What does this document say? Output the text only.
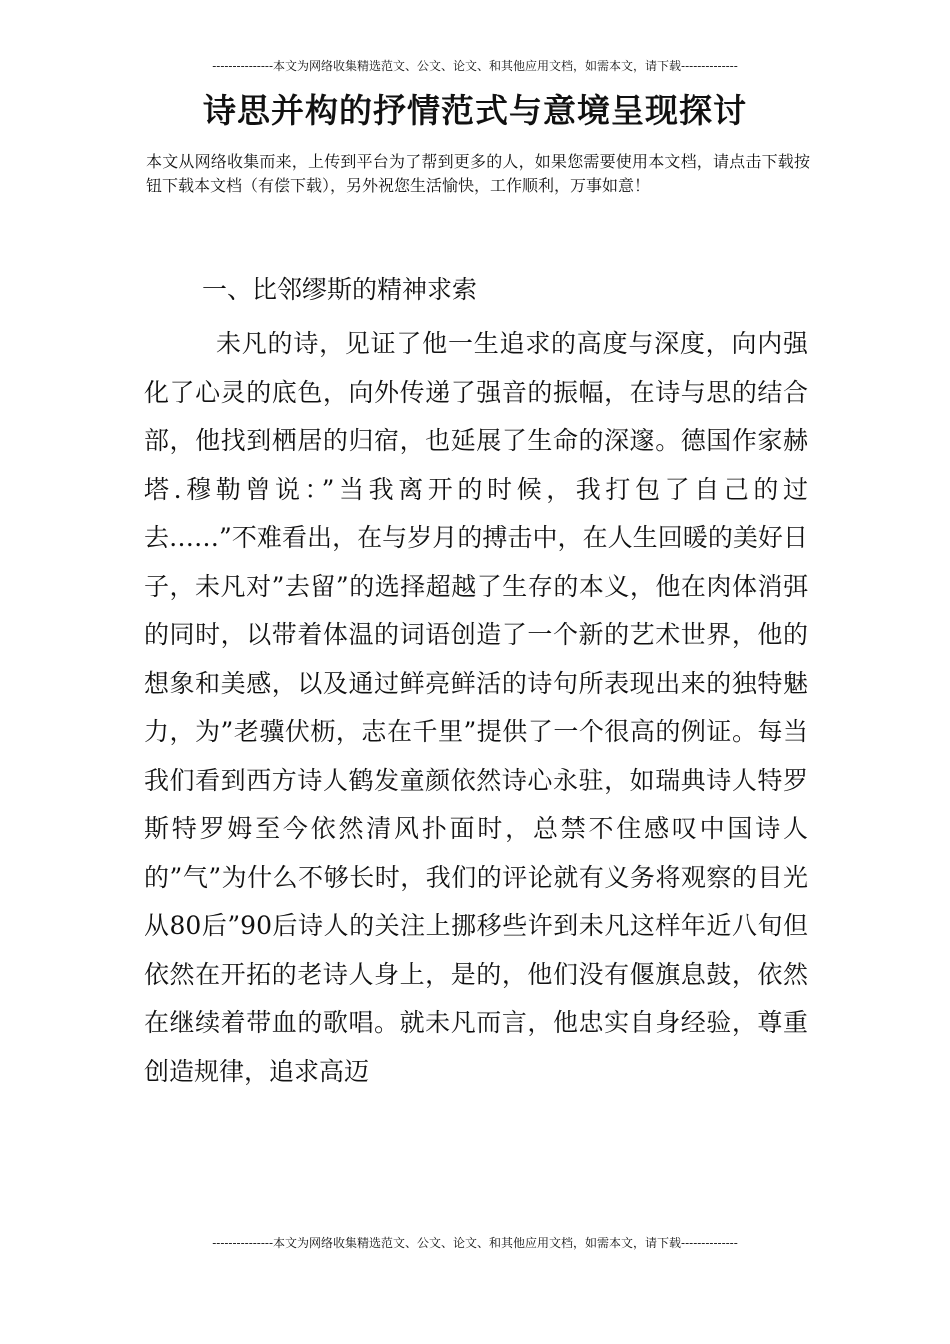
---------------本文为网络收集精选范文、公文、论文、和其他应用文档，如需本文，请下载--------------
诗思并构的抒情范式与意境呈现探讨

本文从网络收集而来，上传到平台为了帮到更多的人，如果您需要使用本文档，请点击下载按钮下载本文档（有偿下载），另外祝您生活愉快，工作顺利，万事如意！

一、比邻缪斯的精神求索

未凡的诗，见证了他一生追求的高度与深度，向内强化了心灵的底色，向外传递了强音的振幅，在诗与思的结合部，他找到栖居的归宿，也延展了生命的深邃。德国作家赫塔.穆勒曾说：”当我离开的时候，我打包了自己的过去……”不难看出，在与岁月的搏击中，在人生回暖的美好日子，未凡对”去留”的选择超越了生存的本义，他在肉体消弭的同时，以带着体温的词语创造了一个新的艺术世界，他的想象和美感，以及通过鲜亮鲜活的诗句所表现出来的独特魅力，为”老骥伏枥，志在千里”提供了一个很高的例证。每当我们看到西方诗人鹤发童颜依然诗心永驻，如瑞典诗人特罗斯特罗姆至今依然清风扑面时，总禁不住感叹中国诗人的”气”为什么不够长时，我们的评论就有义务将观察的目光从80后”90后诗人的关注上挪移些许到未凡这样年近八旬但依然在开拓的老诗人身上，是的，他们没有偃旗息鼓，依然在继续着带血的歌唱。就未凡而言，他忠实自身经验，尊重创造规律，追求高迈

---------------本文为网络收集精选范文、公文、论文、和其他应用文档，如需本文，请下载--------------
